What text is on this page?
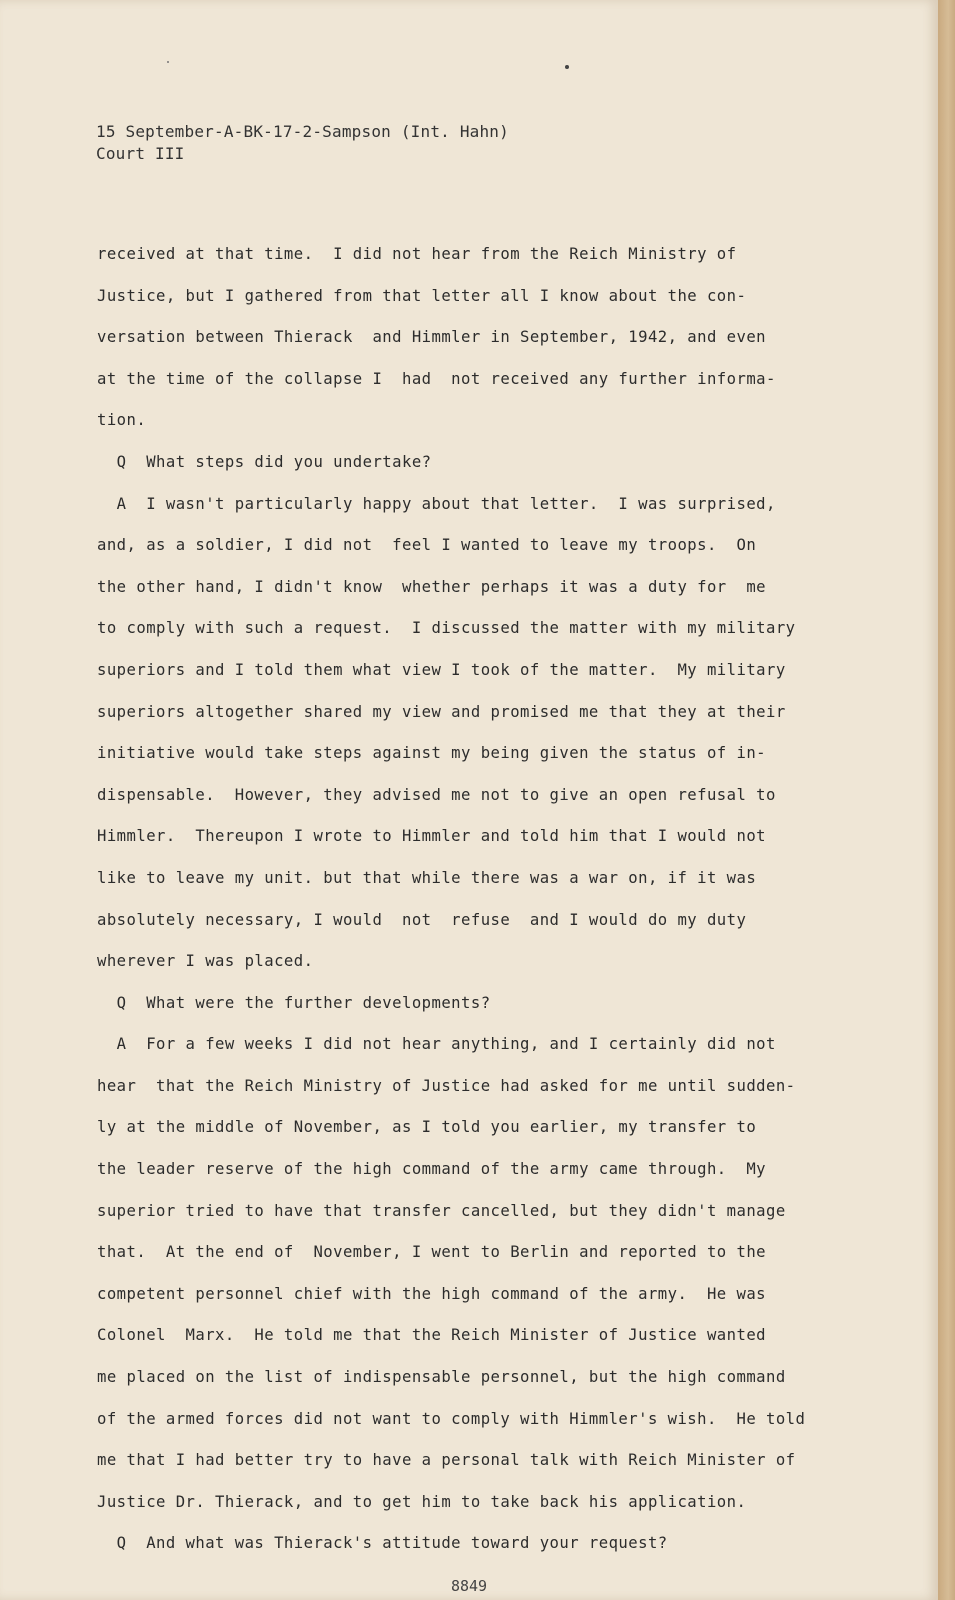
15 September-A-BK-17-2-Sampson (Int. Hahn)
Court III
received at that time.  I did not hear from the Reich Ministry of
Justice, but I gathered from that letter all I know about the con-
versation between Thierack  and Himmler in September, 1942, and even
at the time of the collapse I  had  not received any further informa-
tion.
Q  What steps did you undertake?
A  I wasn't particularly happy about that letter.  I was surprised,
and, as a soldier, I did not  feel I wanted to leave my troops.  On
the other hand, I didn't know  whether perhaps it was a duty for  me
to comply with such a request.  I discussed the matter with my military
superiors and I told them what view I took of the matter.  My military
superiors altogether shared my view and promised me that they at their
initiative would take steps against my being given the status of in-
dispensable.  However, they advised me not to give an open refusal to
Himmler.  Thereupon I wrote to Himmler and told him that I would not
like to leave my unit. but that while there was a war on, if it was
absolutely necessary, I would  not  refuse  and I would do my duty
wherever I was placed.
Q  What were the further developments?
A  For a few weeks I did not hear anything, and I certainly did not
hear  that the Reich Ministry of Justice had asked for me until sudden-
ly at the middle of November, as I told you earlier, my transfer to
the leader reserve of the high command of the army came through.  My
superior tried to have that transfer cancelled, but they didn't manage
that.  At the end of  November, I went to Berlin and reported to the
competent personnel chief with the high command of the army.  He was
Colonel  Marx.  He told me that the Reich Minister of Justice wanted
me placed on the list of indispensable personnel, but the high command
of the armed forces did not want to comply with Himmler's wish.  He told
me that I had better try to have a personal talk with Reich Minister of
Justice Dr. Thierack, and to get him to take back his application.
Q  And what was Thierack's attitude toward your request?
8849
